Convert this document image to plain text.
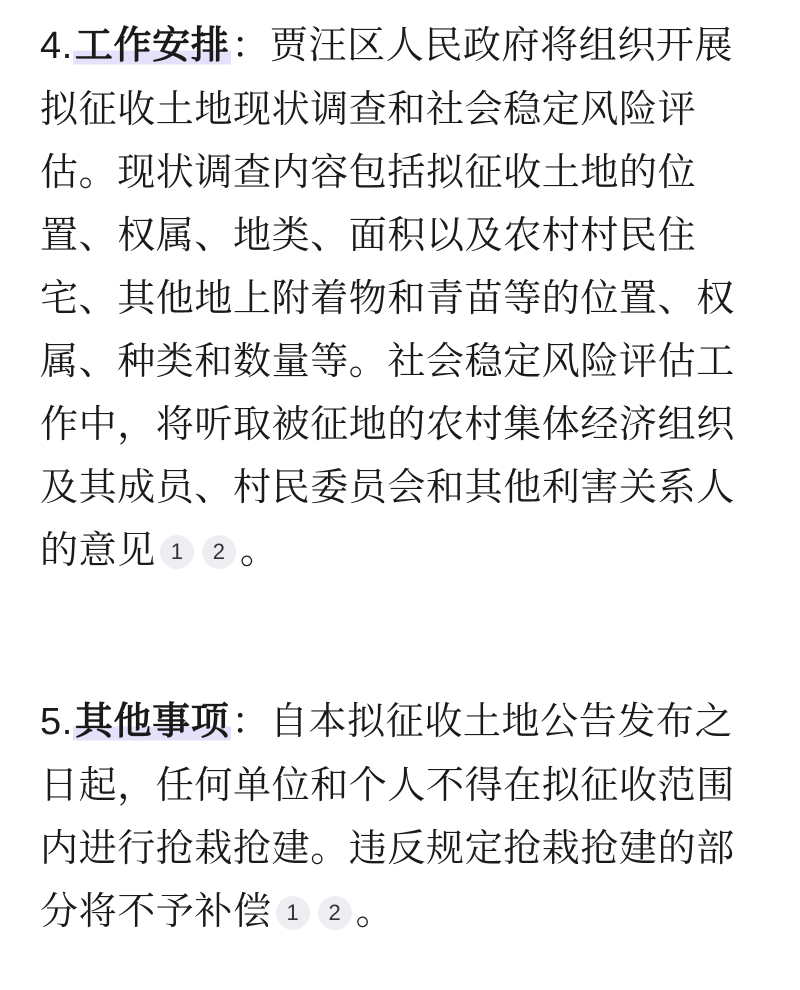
4.工作安排：贾汪区人民政府将组织开展拟征收土地现状调查和社会稳定风险评估。现状调查内容包括拟征收土地的位置、权属、地类、面积以及农村村民住宅、其他地上附着物和青苗等的位置、权属、种类和数量等。社会稳定风险评估工作中，将听取被征地的农村集体经济组织及其成员、村民委员会和其他利害关系人的意见 1 2 。
5.其他事项：自本拟征收土地公告发布之日起，任何单位和个人不得在拟征收范围内进行抢栽抢建。违反规定抢栽抢建的部分将不予补偿 1 2 。
